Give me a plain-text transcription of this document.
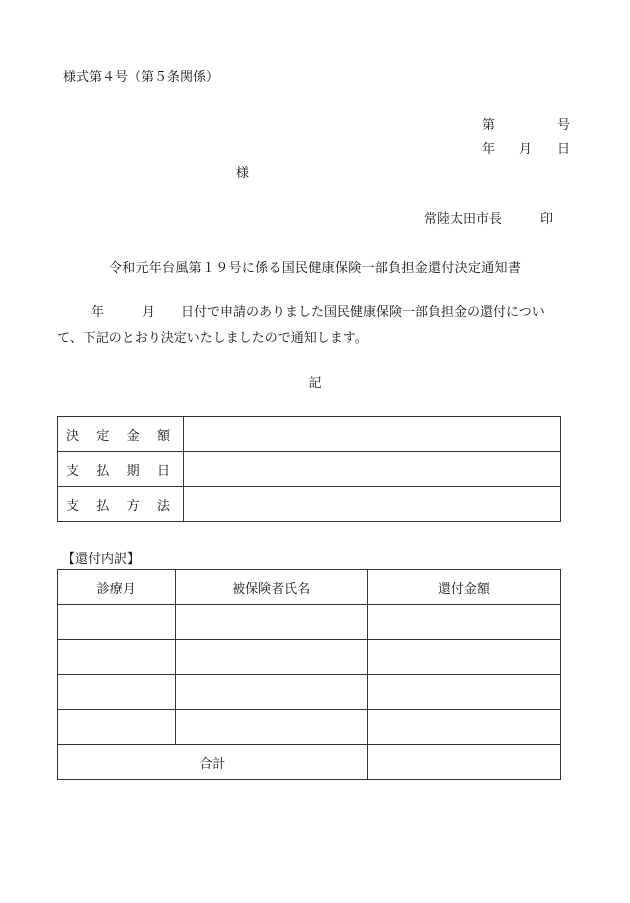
様式第４号（第５条関係）
第	号
年 月 日
様
常陸太田市長	印
令和元年台風第１９号に係る国民健康保険一部負担金還付決定通知書
年	月 日付で申請のありました国民健康保険一部負担金の還付について、下記のとおり決定いたしましたので通知します。
記
決 定 金 額	

支 払 期 日	

支 払 方 法	

【還付内訳】
診療月	被保険者氏名	還付金額

合計		
